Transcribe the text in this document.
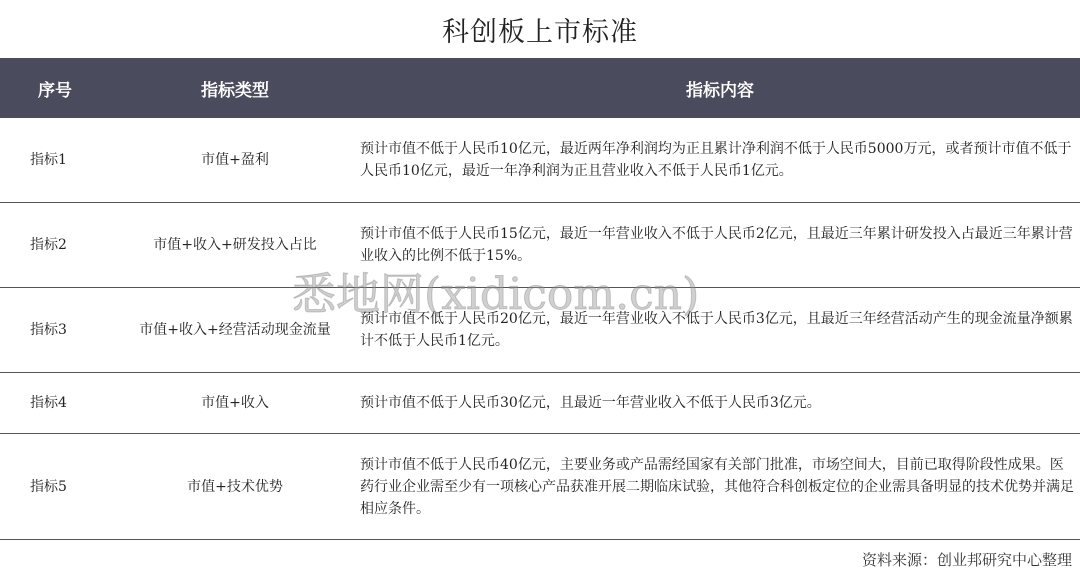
科创板上市标准
序号	指标类型	指标内容
指标1	市值+盈利	预计市值不低于人民币10亿元，最近两年净利润均为正且累计净利润不低于人民币5000万元，或者预计市值不低于人民币10亿元，最近一年净利润为正且营业收入不低于人民币1亿元。
指标2	市值+收入+研发投入占比	预计市值不低于人民币15亿元，最近一年营业收入不低于人民币2亿元，且最近三年累计研发投入占最近三年累计营业收入的比例不低于15%。
指标3	市值+收入+经营活动现金流量	预计市值不低于人民币20亿元，最近一年营业收入不低于人民币3亿元，且最近三年经营活动产生的现金流量净额累计不低于人民币1亿元。
指标4	市值+收入	预计市值不低于人民币30亿元，且最近一年营业收入不低于人民币3亿元。
指标5	市值+技术优势	预计市值不低于人民币40亿元，主要业务或产品需经国家有关部门批准，市场空间大，目前已取得阶段性成果。医药行业企业需至少有一项核心产品获准开展二期临床试验，其他符合科创板定位的企业需具备明显的技术优势并满足相应条件。
悉地网(xidicom.cn)
资料来源：创业邦研究中心整理
